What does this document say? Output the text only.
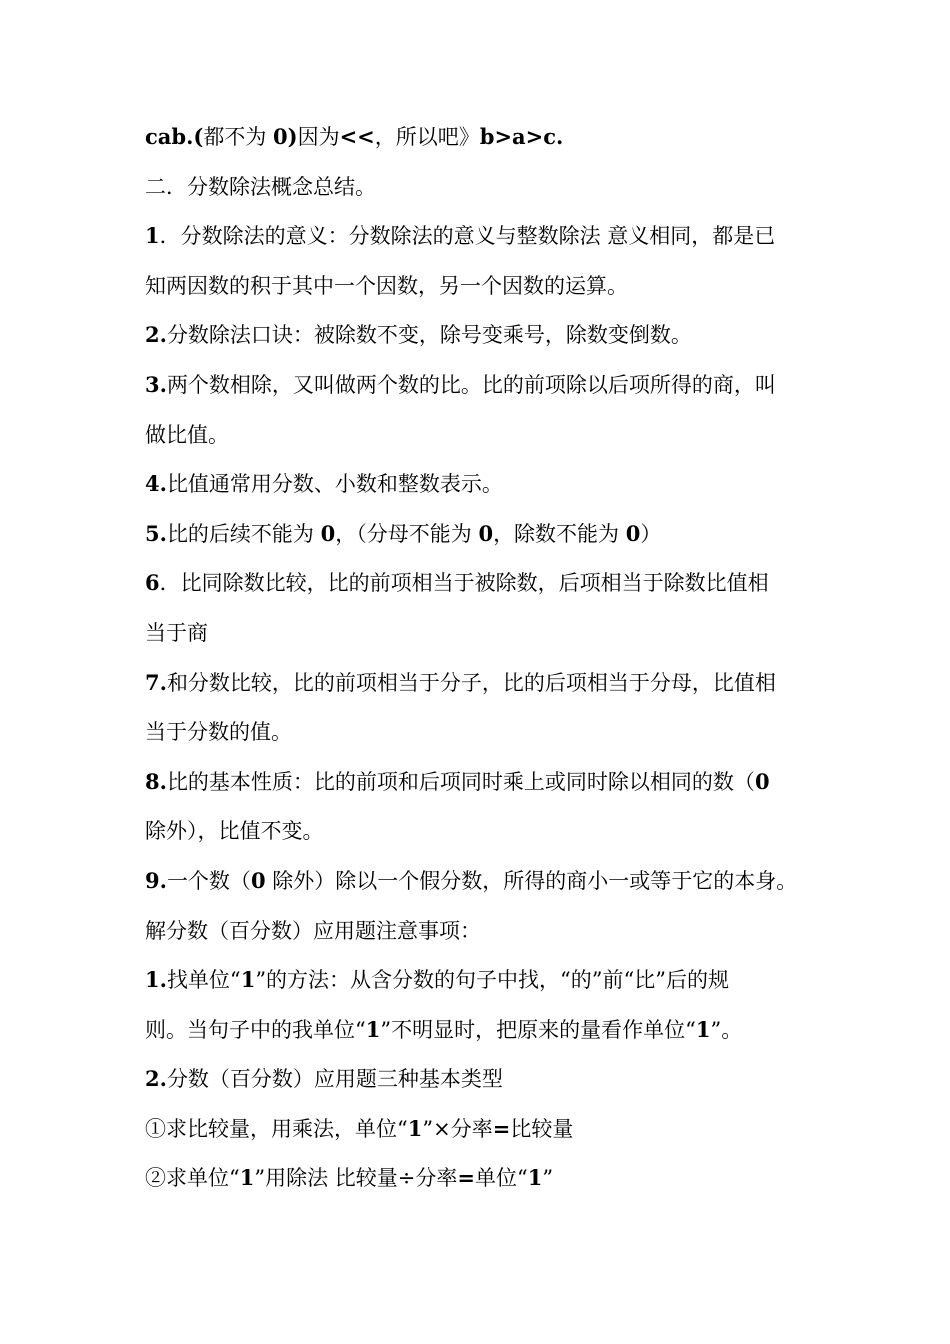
cab.(都不为 0)因为<<，所以吧》b>a>c.
二．分数除法概念总结。
1．分数除法的意义：分数除法的意义与整数除法 意义相同，都是已
知两因数的积于其中一个因数，另一个因数的运算。
2.分数除法口诀：被除数不变，除号变乘号，除数变倒数。
3.两个数相除，又叫做两个数的比。比的前项除以后项所得的商，叫
做比值。
4.比值通常用分数、小数和整数表示。
5.比的后续不能为 0，（分母不能为 0，除数不能为 0）
6．比同除数比较，比的前项相当于被除数，后项相当于除数比值相
当于商
7.和分数比较，比的前项相当于分子，比的后项相当于分母，比值相
当于分数的值。
8.比的基本性质：比的前项和后项同时乘上或同时除以相同的数（0
除外），比值不变。
9.一个数（0 除外）除以一个假分数，所得的商小一或等于它的本身。
解分数（百分数）应用题注意事项：
1.找单位“1”的方法：从含分数的句子中找，“的”前“比”后的规
则。当句子中的我单位“1”不明显时，把原来的量看作单位“1”。
2.分数（百分数）应用题三种基本类型
①求比较量，用乘法，单位“1”×分率=比较量
②求单位“1”用除法 比较量÷分率=单位“1”
